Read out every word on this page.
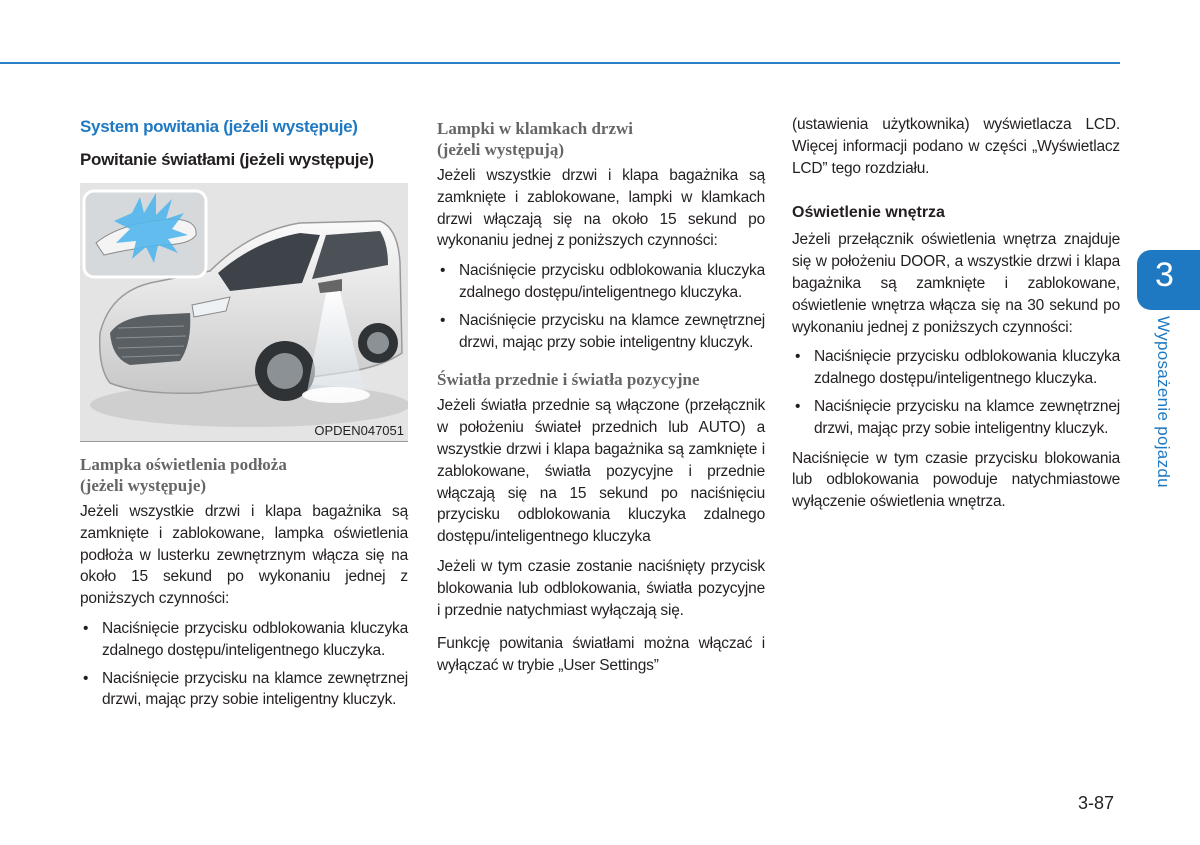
System powitania (jeżeli występuje)
Powitanie światłami (jeżeli występuje)
OPDEN047051
Lampka oświetlenia podłoża
(jeżeli występuje)

Jeżeli wszystkie drzwi i klapa bagażnika są zamknięte i zablokowane, lampka oświetlenia podłoża w lusterku zewnętrznym włącza się na około 15 sekund po wykonaniu jednej z poniższych czynności:

• Naciśnięcie przycisku odblokowania kluczyka zdalnego dostępu/inteligentnego kluczyka.
• Naciśnięcie przycisku na klamce zewnętrznej drzwi, mając przy sobie inteligentny kluczyk.
Lampki w klamkach drzwi
(jeżeli występują)

Jeżeli wszystkie drzwi i klapa bagażnika są zamknięte i zablokowane, lampki w klamkach drzwi włączają się na około 15 sekund po wykonaniu jednej z poniższych czynności:

• Naciśnięcie przycisku odblokowania kluczyka zdalnego dostępu/inteligentnego kluczyka.
• Naciśnięcie przycisku na klamce zewnętrznej drzwi, mając przy sobie inteligentny kluczyk.
Światła przednie i światła pozycyjne

Jeżeli światła przednie są włączone (przełącznik w położeniu świateł przednich lub AUTO) a wszystkie drzwi i klapa bagażnika są zamknięte i zablokowane, światła pozycyjne i przednie włączają się na 15 sekund po naciśnięciu przycisku odblokowania kluczyka zdalnego dostępu/inteligentnego kluczyka

Jeżeli w tym czasie zostanie naciśnięty przycisk blokowania lub odblokowania, światła pozycyjne i przednie natychmiast wyłączają się.

Funkcję powitania światłami można włączać i wyłączać w trybie „User Settings”

(ustawienia użytkownika) wyświetlacza LCD. Więcej informacji podano w części „Wyświetlacz LCD” tego rozdziału.

Oświetlenie wnętrza

Jeżeli przełącznik oświetlenia wnętrza znajduje się w położeniu DOOR, a wszystkie drzwi i klapa bagażnika są zamknięte i zablokowane, oświetlenie wnętrza włącza się na 30 sekund po wykonaniu jednej z poniższych czynności:

• Naciśnięcie przycisku odblokowania kluczyka zdalnego dostępu/inteligentnego kluczyka.
• Naciśnięcie przycisku na klamce zewnętrznej drzwi, mając przy sobie inteligentny kluczyk.

Naciśnięcie w tym czasie przycisku blokowania lub odblokowania powoduje natychmiastowe wyłączenie oświetlenia wnętrza.

3
Wyposażenie pojazdu
3-87
